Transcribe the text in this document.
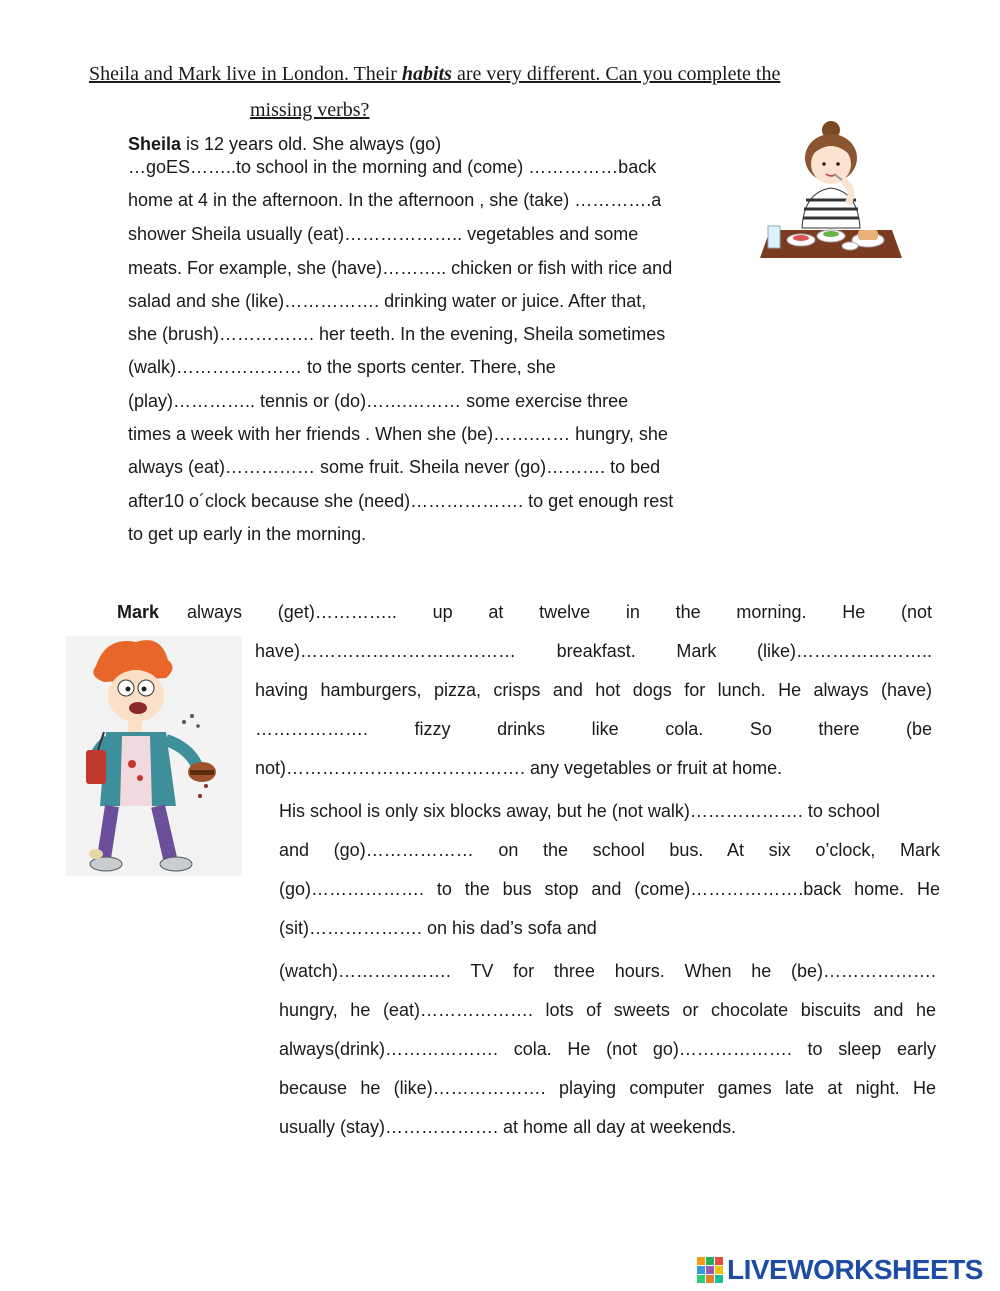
Sheila and Mark live in London. Their habits are very different. Can you complete the
missing verbs?
Sheila is 12 years old. She always (go)
…goES……..to school in the morning and (come) ……………back
home at 4 in the afternoon. In the afternoon , she (take) ………….a
shower Sheila usually (eat)……………….. vegetables and some
meats. For example, she (have)……….. chicken or fish with rice and
salad and she (like)……………. drinking water or juice. After that,
she (brush)……………. her teeth. In the evening, Sheila sometimes
(walk)………………… to the sports center. There, she
(play)………….. tennis or (do)…….……… some exercise three
times a week with her friends . When she (be)…….…… hungry, she
always (eat)…………… some fruit. Sheila never (go)………. to bed
after10 o´clock because she (need)………………. to get enough rest
to get up early in the morning.
Mark always (get)………….. up at twelve in the morning. He (not
have)……………………………… breakfast. Mark (like)…………………..
having hamburgers, pizza, crisps and hot dogs for lunch. He always (have)
………………. fizzy drinks like cola. So there (be
not)…………………………………. any vegetables or fruit at home.
His school is only six blocks away, but he (not walk)………………. to school
and (go)……………… on the school bus. At six o’clock, Mark
(go)………………. to the bus stop and (come)……………….back home. He
(sit)………………. on his dad’s sofa and
(watch)………………. TV for three hours. When he (be)……………….
hungry, he (eat)………………. lots of sweets or chocolate biscuits and he
always(drink)………………. cola. He (not go)………………. to sleep early
because he (like)………………. playing computer games late at night. He
usually (stay)………………. at home all day at weekends.
LIVEWORKSHEETS
